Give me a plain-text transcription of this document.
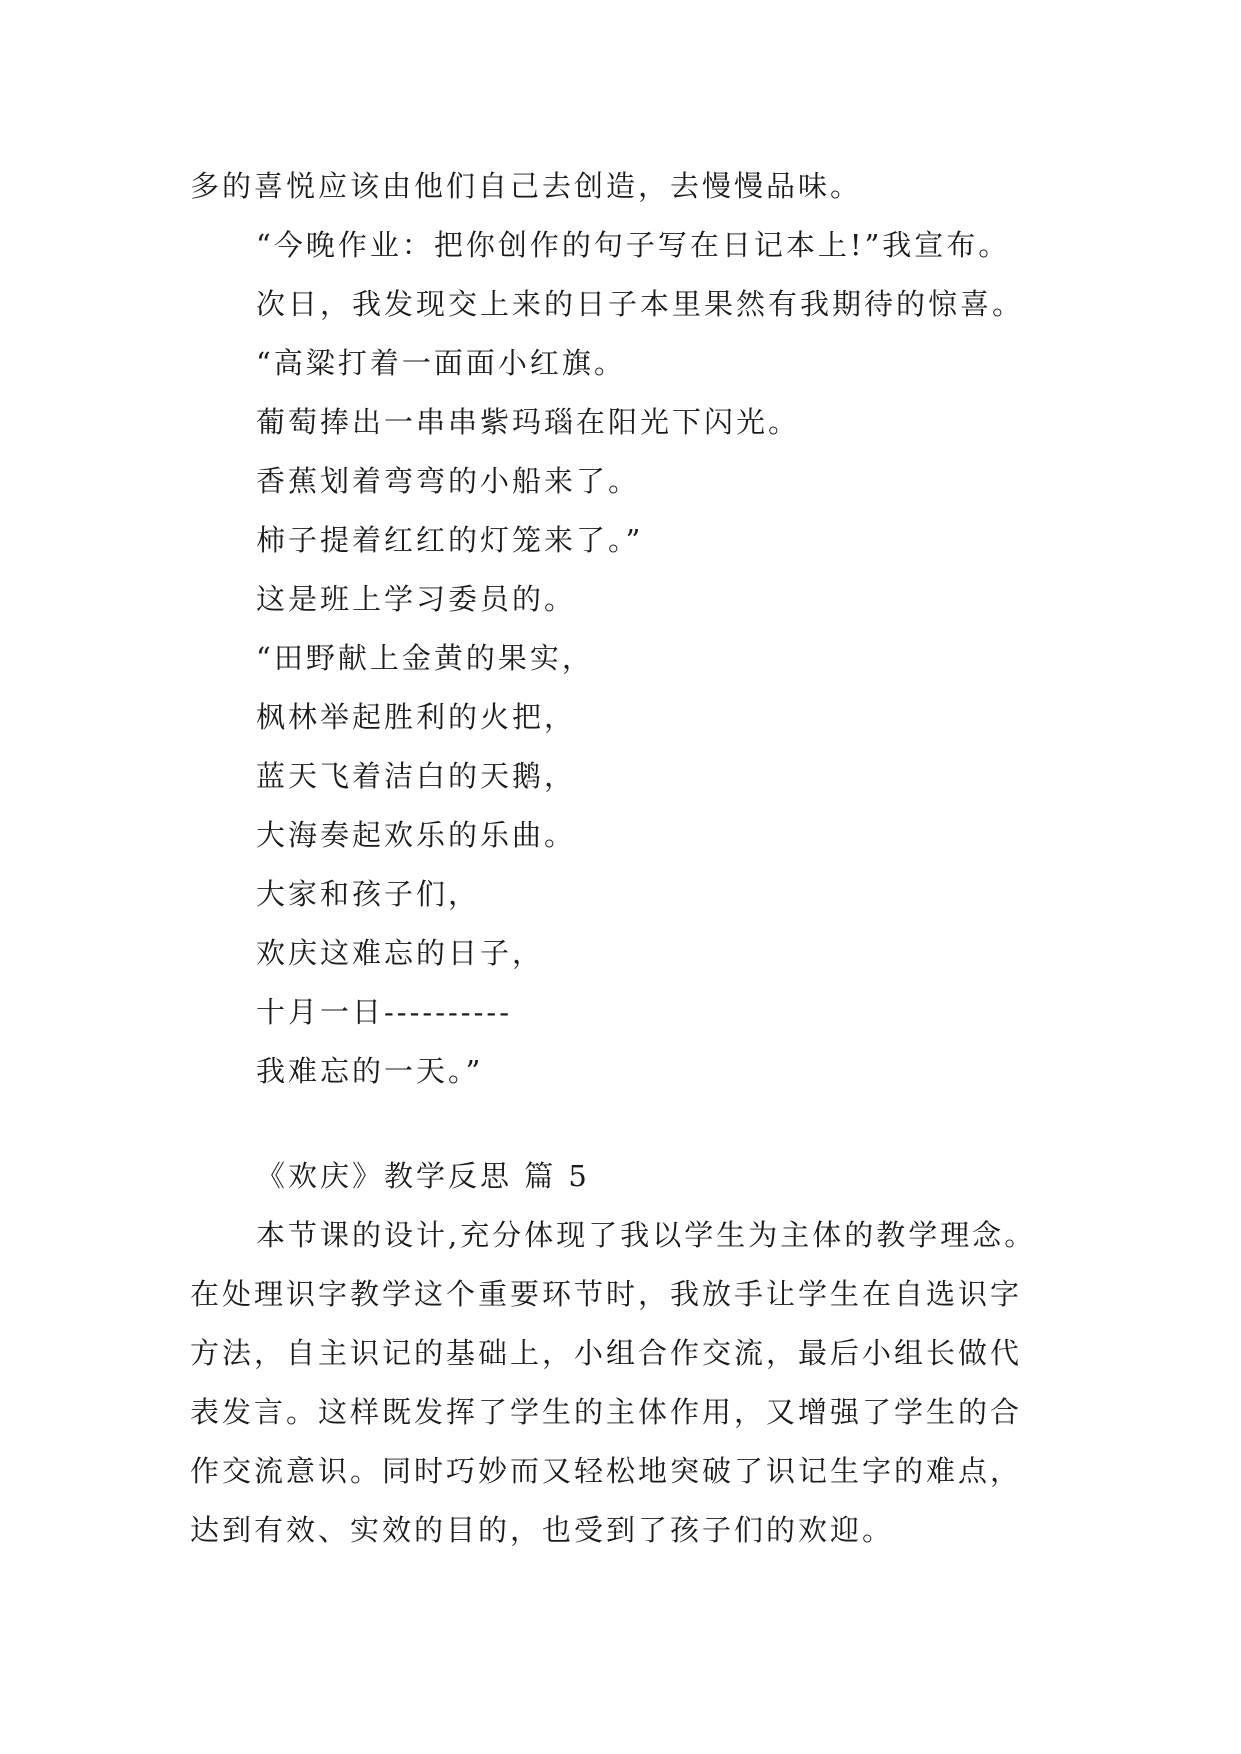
多的喜悦应该由他们自己去创造，去慢慢品味。
“今晚作业：把你创作的句子写在日记本上!”我宣布。
次日，我发现交上来的日子本里果然有我期待的惊喜。
“高粱打着一面面小红旗。
葡萄捧出一串串紫玛瑙在阳光下闪光。
香蕉划着弯弯的小船来了。
柿子提着红红的灯笼来了。”
这是班上学习委员的。
“田野献上金黄的果实，
枫林举起胜利的火把，
蓝天飞着洁白的天鹅，
大海奏起欢乐的乐曲。
大家和孩子们，
欢庆这难忘的日子，
十月一日----------
我难忘的一天。”
《欢庆》教学反思 篇 5
本节课的设计,充分体现了我以学生为主体的教学理念。
在处理识字教学这个重要环节时，我放手让学生在自选识字
方法，自主识记的基础上，小组合作交流，最后小组长做代
表发言。这样既发挥了学生的主体作用，又增强了学生的合
作交流意识。同时巧妙而又轻松地突破了识记生字的难点，
达到有效、实效的目的，也受到了孩子们的欢迎。
